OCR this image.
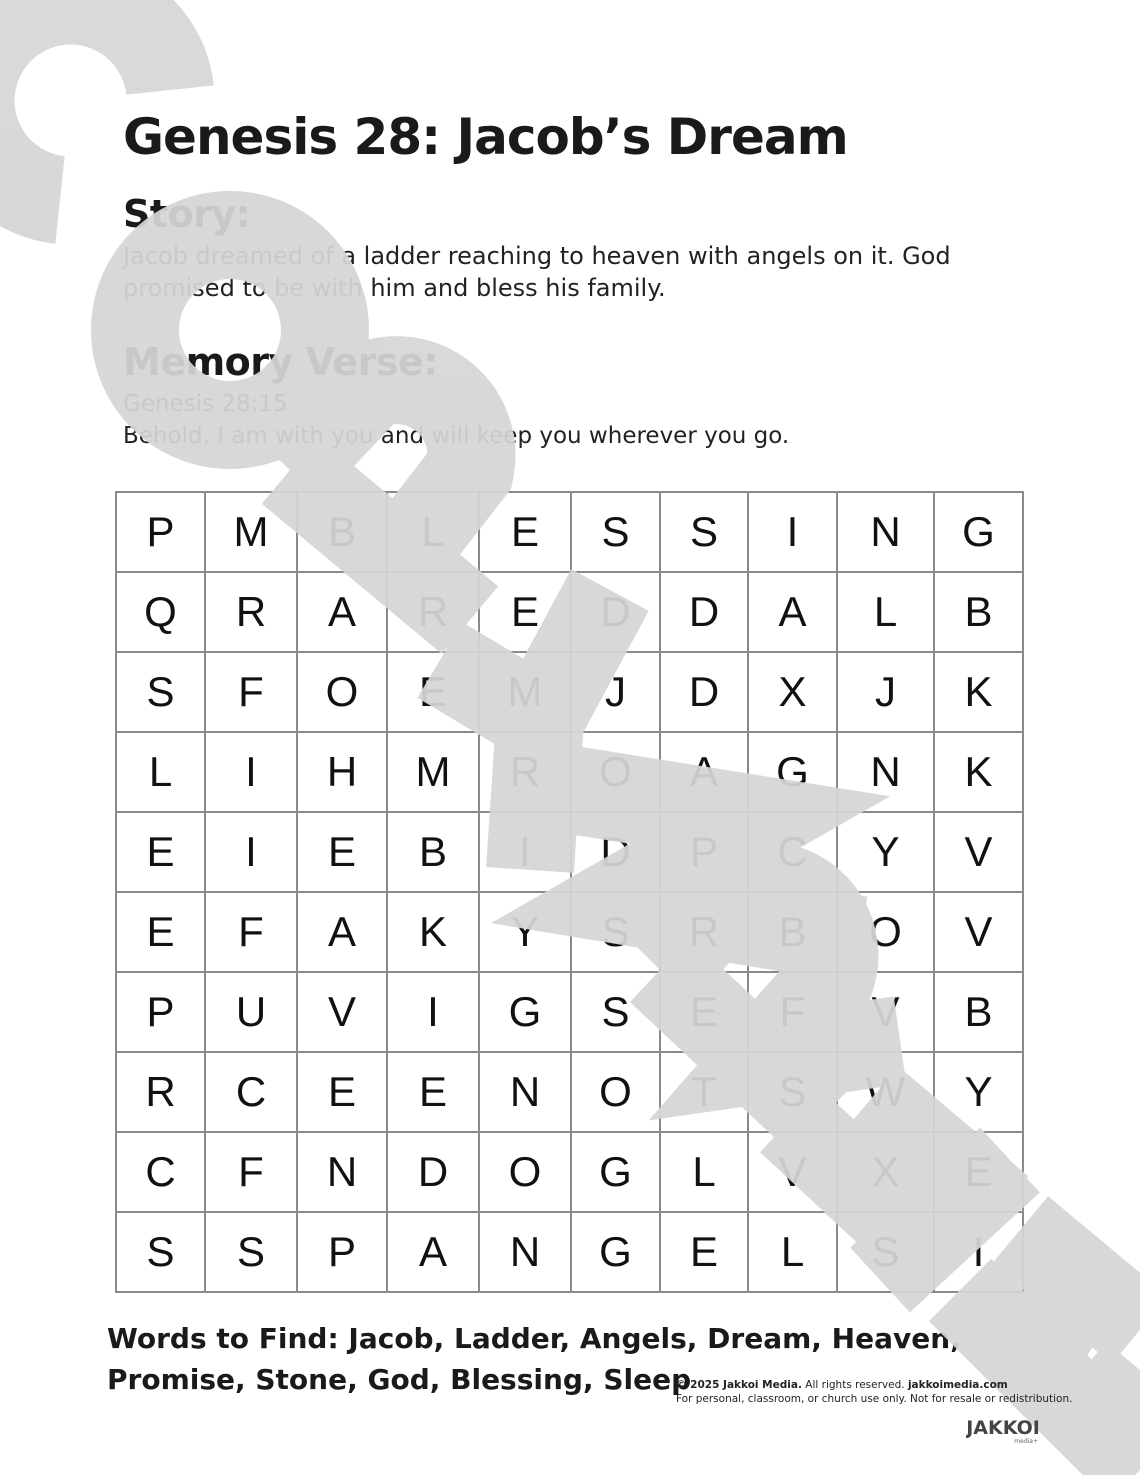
Genesis 28: Jacob’s Dream
Story:
Jacob dreamed of a ladder reaching to heaven with angels on it. God
promised to be with him and bless his family.
Memory Verse:
Genesis 28:15
Behold, I am with you and will keep you wherever you go.
P	M	B	L	E	S	S	I	N	G
Q	R	A	R	E	D	D	A	L	B
S	F	O	E	M	J	D	X	J	K
L	I	H	M	R	O	A	G	N	K
E	I	E	B	I	D	P	C	Y	V
E	F	A	K	Y	S	R	B	O	V
P	U	V	I	G	S	E	F	V	B
R	C	E	E	N	O	T	S	W	Y
C	F	N	D	O	G	L	V	X	E
S	S	P	A	N	G	E	L	S	I
Words to Find: Jacob, Ladder, Angels, Dream, Heaven,
Promise, Stone, God, Blessing, Sleep
© 2025 Jakkoi Media. All rights reserved. jakkoimedia.com
For personal, classroom, or church use only. Not for resale or redistribution.
JAKKOI
media+
